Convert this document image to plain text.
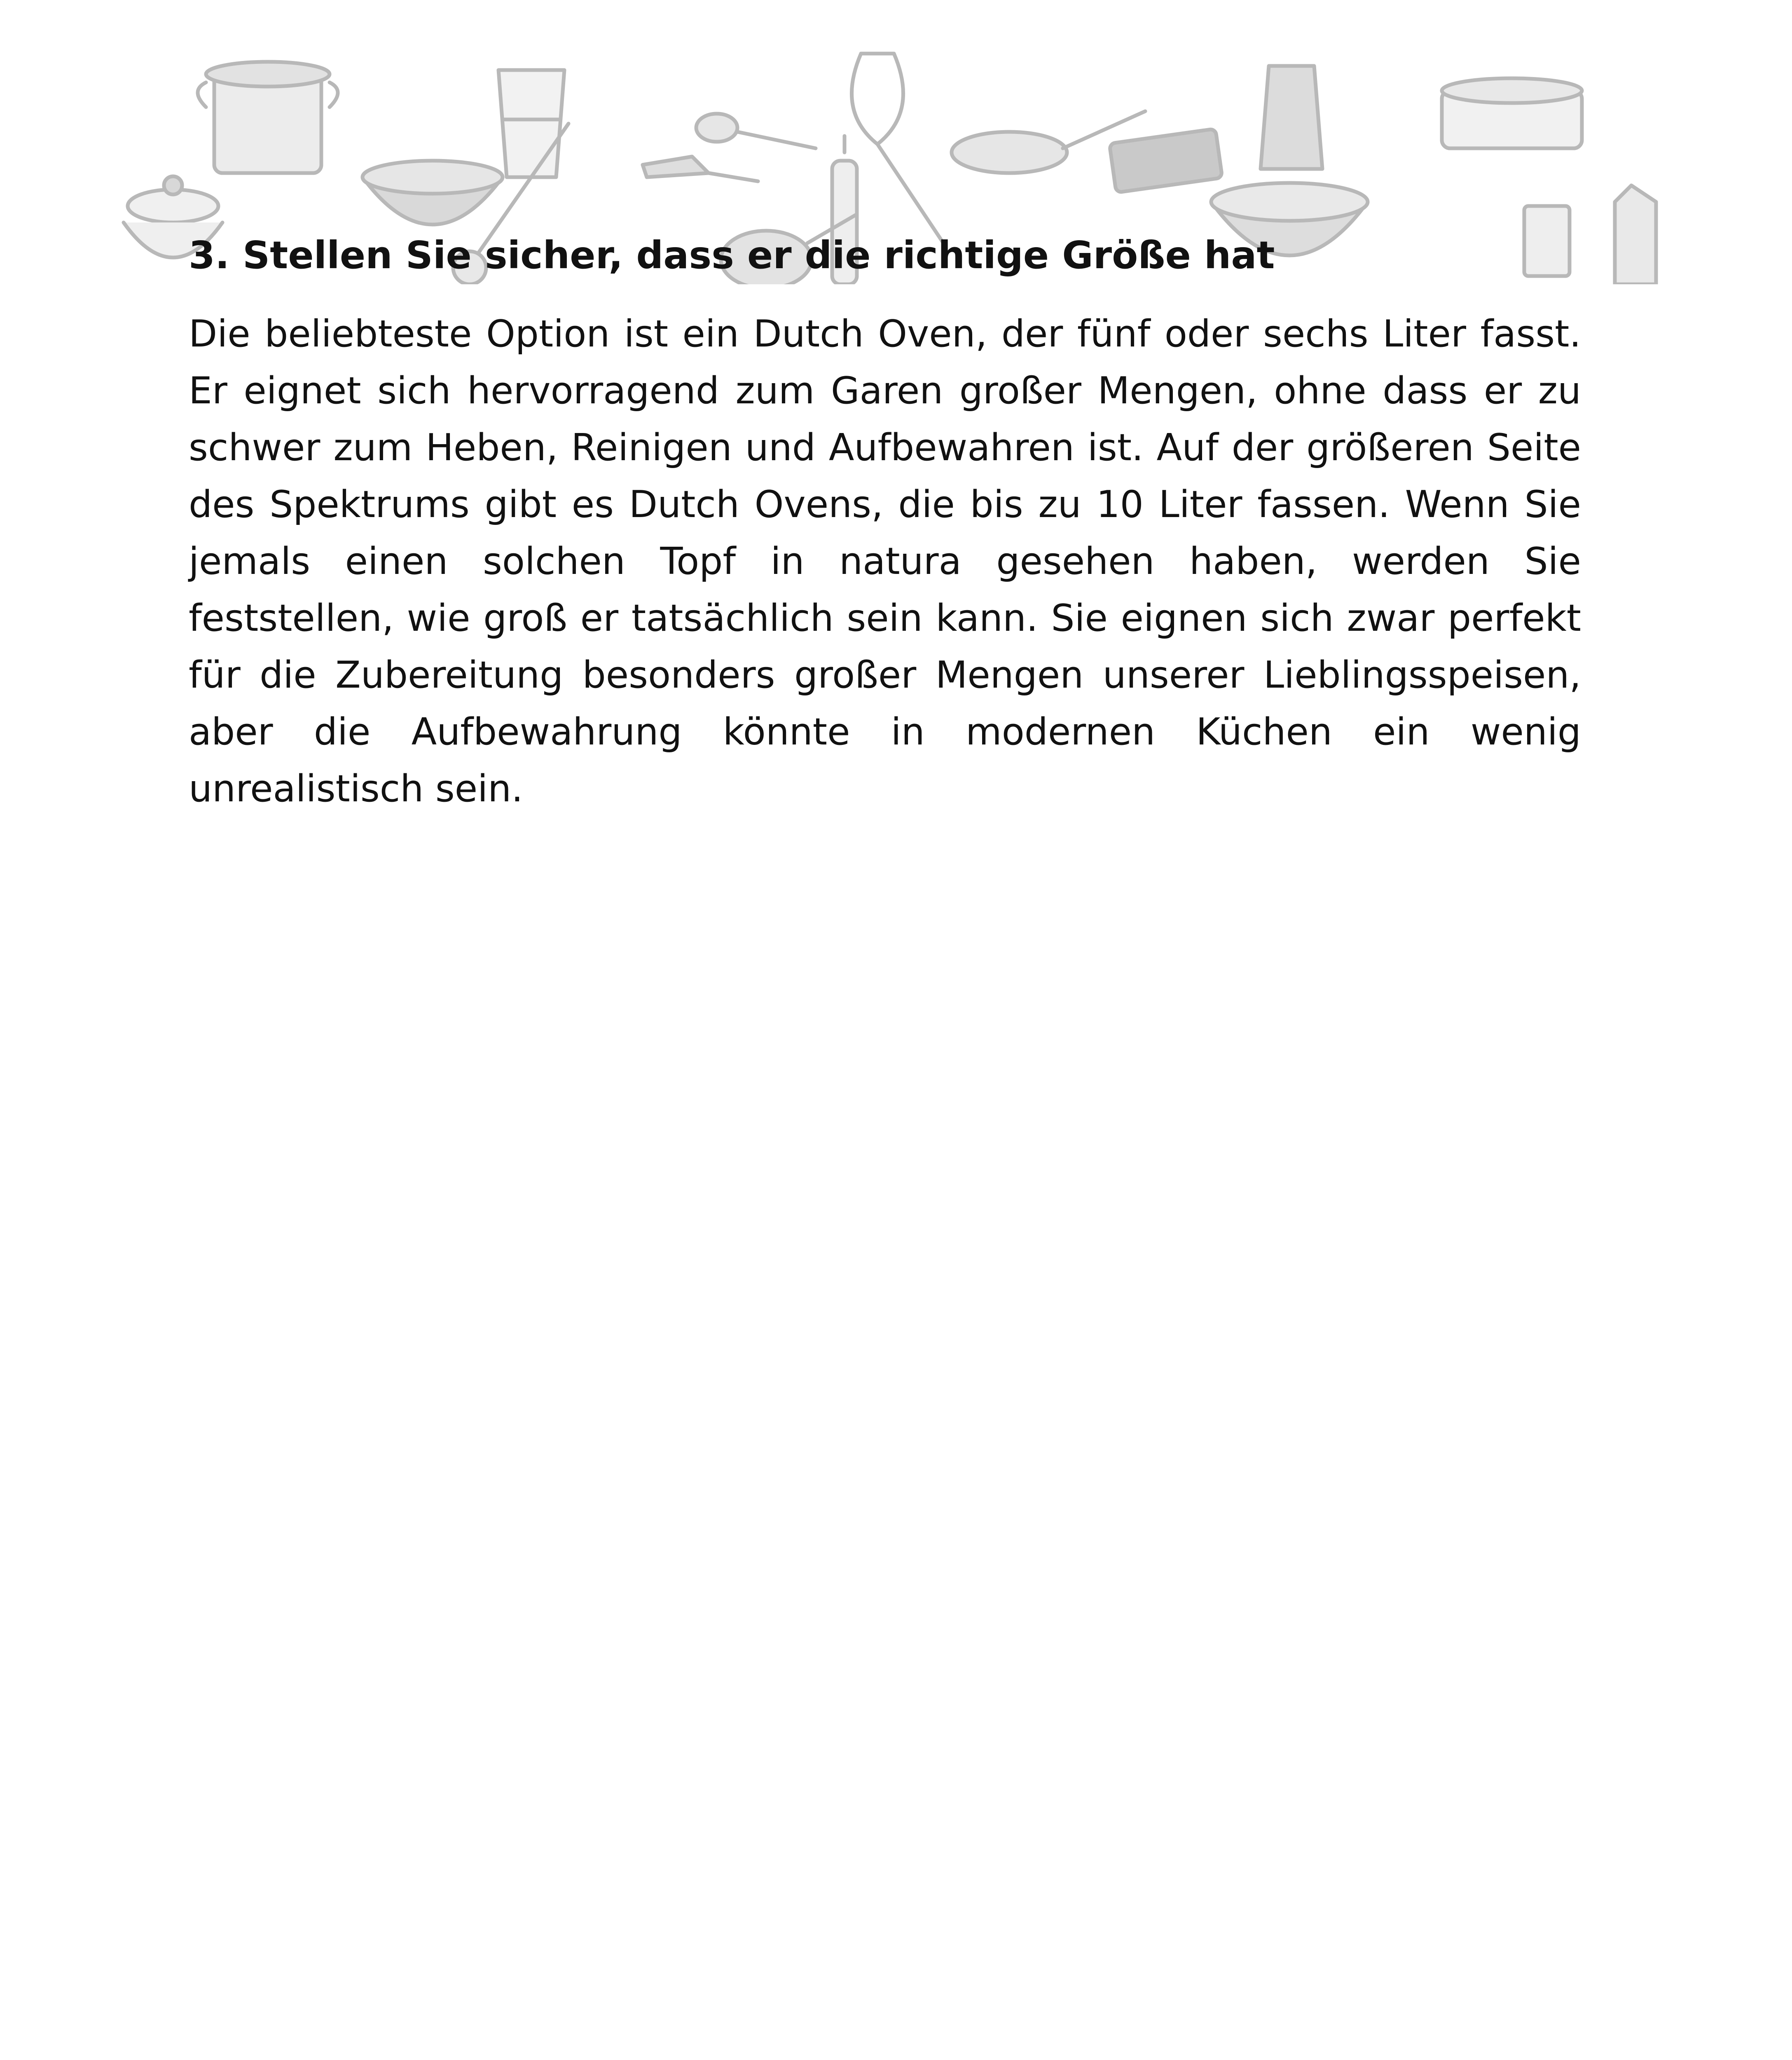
3. Stellen Sie sicher, dass er die richtige Größe hat

Die beliebteste Option ist ein Dutch Oven, der fünf oder sechs Liter fasst. Er eignet sich hervorragend zum Garen großer Mengen, ohne dass er zu schwer zum Heben, Reinigen und Aufbewahren ist. Auf der größeren Seite des Spektrums gibt es Dutch Ovens, die bis zu 10 Liter fassen. Wenn Sie jemals einen solchen Topf in natura gesehen haben, werden Sie feststellen, wie groß er tatsächlich sein kann. Sie eignen sich zwar perfekt für die Zubereitung besonders großer Mengen unserer Lieblingsspeisen, aber die Aufbewahrung könnte in modernen Küchen ein wenig unrealistisch sein.
